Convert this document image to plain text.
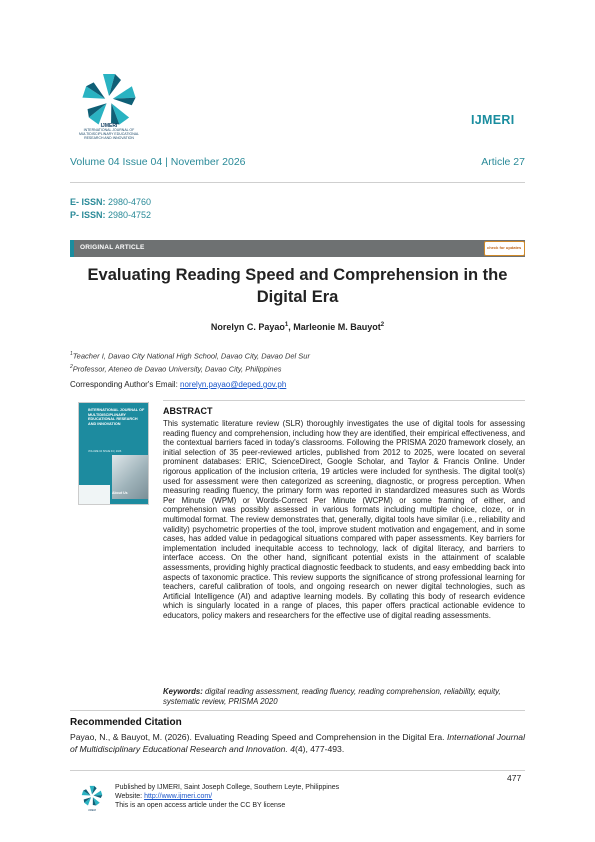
IJMERI
INTERNATIONAL JOURNAL OF MULTIDISCIPLINARY EDUCATIONAL RESEARCH AND INNOVATION
IJMERI
Volume 04 Issue 04 | November 2026	Article 27
E- ISSN: 2980-4760
P- ISSN: 2980-4752
ORIGINAL ARTICLE	check for updates
Evaluating Reading Speed and Comprehension in the Digital Era
Norelyn C. Payao$^1$, Marleonie M. Bauyot$^2$
$^1$Teacher I, Davao City National High School, Davao City, Davao Del Sur
$^2$Professor, Ateneo de Davao University, Davao City, Philippines
Corresponding Author's Email: norelyn.payao@deped.gov.ph
INTERNATIONAL JOURNAL OF MULTIDISCIPLINARY EDUCATIONAL RESEARCH AND INNOVATION
VOLUME 04 ISSUE 04 | 2026
About Us
ABSTRACT
This systematic literature review (SLR) thoroughly investigates the use of digital tools for assessing reading fluency and comprehension, including how they are identified, their empirical effectiveness, and the contextual barriers faced in today's classrooms. Following the PRISMA 2020 framework closely, an initial selection of 35 peer-reviewed articles, published from 2012 to 2025, were located on several prominent databases: ERIC, ScienceDirect, Google Scholar, and Taylor & Francis Online. Under rigorous application of the inclusion criteria, 19 articles were included for synthesis. The digital tool(s) used for assessment were then categorized as screening, diagnostic, or progress perception. When measuring reading fluency, the primary form was reported in standardized measures such as Words Per Minute (WPM) or Words-Correct Per Minute (WCPM) or some framing of either, and comprehension was possibly assessed in various formats including multiple choice, cloze, or in multimodal format. The review demonstrates that, generally, digital tools have similar (i.e., reliability and validity) psychometric properties of the tool, improve student motivation and engagement, and in some cases, has added value in pedagogical situations compared with paper assessments. Key barriers for implementation included inequitable access to technology, lack of digital literacy, and barriers to interface access. On the other hand, significant potential exists in the attainment of scalable assessments, providing highly practical diagnostic feedback to students, and easy embedding back into aspects of taxonomic practice. This review supports the significance of strong professional learning for teachers, careful calibration of tools, and ongoing research on newer digital technologies, such as Artificial Intelligence (AI) and adaptive learning models. By collating this body of research evidence which is singularly located in a range of places, this paper offers practical actionable evidence to educators, policy makers and researchers for the effective use of digital reading assessments.
Keywords: digital reading assessment, reading fluency, reading comprehension, reliability, equity, systematic review, PRISMA 2020
Recommended Citation
Payao, N., & Bauyot, M. (2026). Evaluating Reading Speed and Comprehension in the Digital Era. International Journal of Multidisciplinary Educational Research and Innovation. 4(4), 477-493.
477
IJMERI
Published by IJMERI, Saint Joseph College, Southern Leyte, Philippines
Website: http://www.ijmeri.com/
This is an open access article under the CC BY license
